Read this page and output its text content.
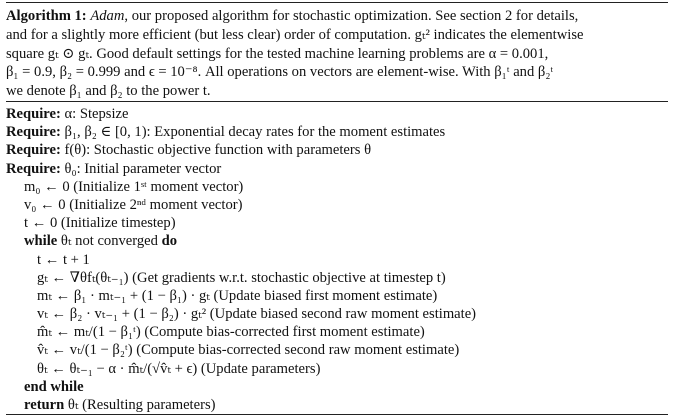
Algorithm 1: Adam, our proposed algorithm for stochastic optimization. See section 2 for details,
and for a slightly more efficient (but less clear) order of computation. gₜ² indicates the elementwise
square gₜ ⊙ gₜ. Good default settings for the tested machine learning problems are α = 0.001,
β₁ = 0.9, β₂ = 0.999 and ϵ = 10⁻⁸. All operations on vectors are element-wise. With β₁ᵗ and β₂ᵗ
we denote β₁ and β₂ to the power t.
Require: α: Stepsize
Require: β₁, β₂ ∈ [0, 1): Exponential decay rates for the moment estimates
Require: f(θ): Stochastic objective function with parameters θ
Require: θ₀: Initial parameter vector
m₀ ← 0 (Initialize 1ˢᵗ moment vector)
v₀ ← 0 (Initialize 2ⁿᵈ moment vector)
t ← 0 (Initialize timestep)
while θₜ not converged do
t ← t + 1
gₜ ← ∇θfₜ(θₜ₋₁) (Get gradients w.r.t. stochastic objective at timestep t)
mₜ ← β₁ · mₜ₋₁ + (1 − β₁) · gₜ (Update biased first moment estimate)
vₜ ← β₂ · vₜ₋₁ + (1 − β₂) · gₜ² (Update biased second raw moment estimate)
m̂ₜ ← mₜ/(1 − β₁ᵗ) (Compute bias-corrected first moment estimate)
v̂ₜ ← vₜ/(1 − β₂ᵗ) (Compute bias-corrected second raw moment estimate)
θₜ ← θₜ₋₁ − α · m̂ₜ/(√v̂ₜ + ϵ) (Update parameters)
end while
return θₜ (Resulting parameters)
